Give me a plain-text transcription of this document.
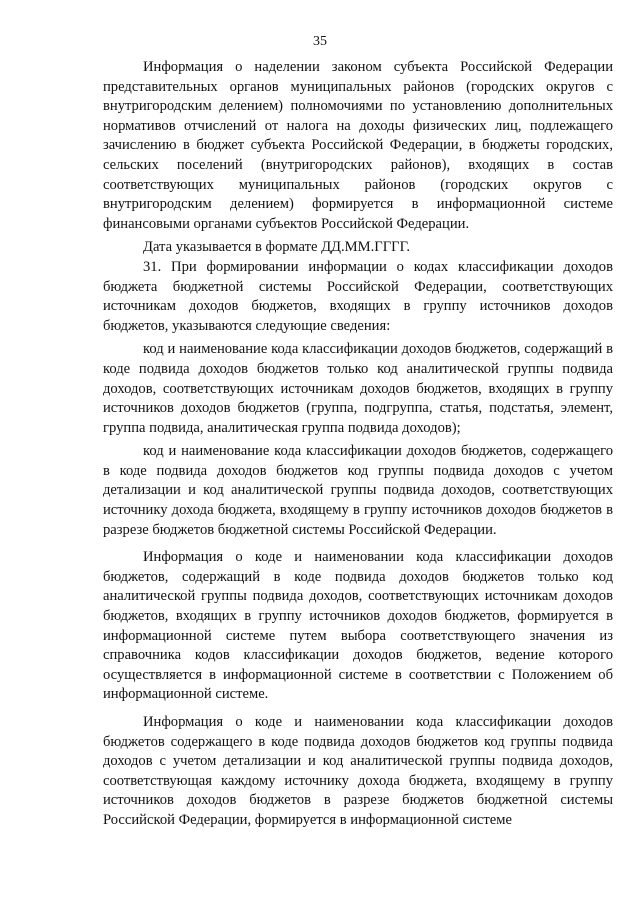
35

Информация о наделении законом субъекта Российской Федерации представительных органов муниципальных районов (городских округов с внутригородским делением) полномочиями по установлению дополнительных нормативов отчислений от налога на доходы физических лиц, подлежащего зачислению в бюджет субъекта Российской Федерации, в бюджеты городских, сельских поселений (внутригородских районов), входящих в состав соответствующих муниципальных районов (городских округов с внутригородским делением) формируется в информационной системе финансовыми органами субъектов Российской Федерации.

Дата указывается в формате ДД.ММ.ГГГГ.

31. При формировании информации о кодах классификации доходов бюджета бюджетной системы Российской Федерации, соответствующих источникам доходов бюджетов, входящих в группу источников доходов бюджетов, указываются следующие сведения:

код и наименование кода классификации доходов бюджетов, содержащий в коде подвида доходов бюджетов только код аналитической группы подвида доходов, соответствующих источникам доходов бюджетов, входящих в группу источников доходов бюджетов (группа, подгруппа, статья, подстатья, элемент, группа подвида, аналитическая группа подвида доходов);

код и наименование кода классификации доходов бюджетов, содержащего в коде подвида доходов бюджетов код группы подвида доходов с учетом детализации и код аналитической группы подвида доходов, соответствующих источнику дохода бюджета, входящему в группу источников доходов бюджетов в разрезе бюджетов бюджетной системы Российской Федерации.

Информация о коде и наименовании кода классификации доходов бюджетов, содержащий в коде подвида доходов бюджетов только код аналитической группы подвида доходов, соответствующих источникам доходов бюджетов, входящих в группу источников доходов бюджетов, формируется в информационной системе путем выбора соответствующего значения из справочника кодов классификации доходов бюджетов, ведение которого осуществляется в информационной системе в соответствии с Положением об информационной системе.

Информация о коде и наименовании кода классификации доходов бюджетов содержащего в коде подвида доходов бюджетов код группы подвида доходов с учетом детализации и код аналитической группы подвида доходов, соответствующая каждому источнику дохода бюджета, входящему в группу источников доходов бюджетов в разрезе бюджетов бюджетной системы Российской Федерации, формируется в информационной системе
